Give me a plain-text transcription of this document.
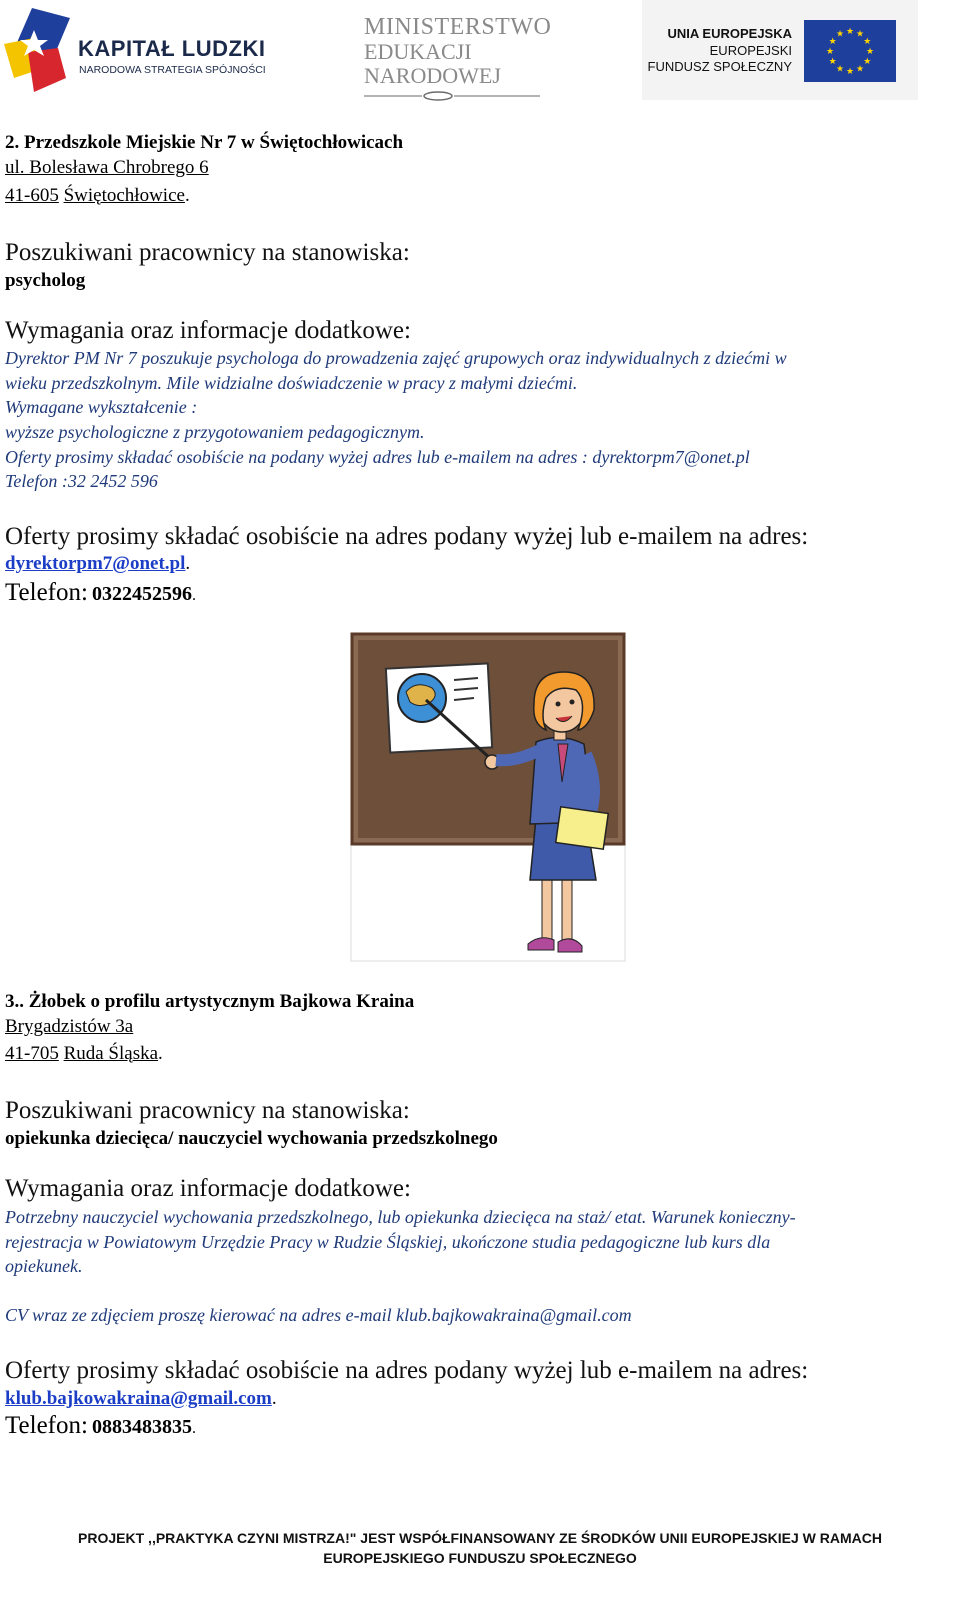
KAPITAŁ LUDZKI
NARODOWA STRATEGIA SPÓJNOŚCI
MINISTERSTWO
EDUKACJI
NARODOWEJ
UNIA EUROPEJSKA
EUROPEJSKI
FUNDUSZ SPOŁECZNY
★
★
★
★
★
★
★
★
★ ★ ★
★
2. Przedszkole Miejskie Nr 7 w Świętochłowicach
ul. Bolesława Chrobrego 6
41-605 Świętochłowice.
Poszukiwani pracownicy na stanowiska:
psycholog
Wymagania oraz informacje dodatkowe:
Dyrektor PM Nr 7 poszukuje psychologa do prowadzenia zajęć grupowych oraz indywidualnych z dziećmi w
wieku przedszkolnym. Mile widzialne doświadczenie w pracy z małymi dziećmi.
Wymagane wykształcenie :
wyższe psychologiczne z przygotowaniem pedagogicznym.
Oferty prosimy składać osobiście na podany wyżej adres lub e-mailem na adres : dyrektorpm7@onet.pl
Telefon :32 2452 596
Oferty prosimy składać osobiście na adres podany wyżej lub e-mailem na adres:
dyrektorpm7@onet.pl.
Telefon: 0322452596.
3.. Żłobek o profilu artystycznym Bajkowa Kraina
Brygadzistów 3a
41-705 Ruda Śląska.
Poszukiwani pracownicy na stanowiska:
opiekunka dziecięca/ nauczyciel wychowania przedszkolnego
Wymagania oraz informacje dodatkowe:
Potrzebny nauczyciel wychowania przedszkolnego, lub opiekunka dziecięca na staż/ etat. Warunek konieczny-
rejestracja w Powiatowym Urzędzie Pracy w Rudzie Śląskiej, ukończone studia pedagogiczne lub kurs dla
opiekunek.
CV wraz ze zdjęciem proszę kierować na adres e-mail klub.bajkowakraina@gmail.com
Oferty prosimy składać osobiście na adres podany wyżej lub e-mailem na adres:
klub.bajkowakraina@gmail.com.
Telefon: 0883483835.
PROJEKT ,,PRAKTYKA CZYNI MISTRZA!" JEST WSPÓŁFINANSOWANY ZE ŚRODKÓW UNII EUROPEJSKIEJ W RAMACH
EUROPEJSKIEGO FUNDUSZU SPOŁECZNEGO
